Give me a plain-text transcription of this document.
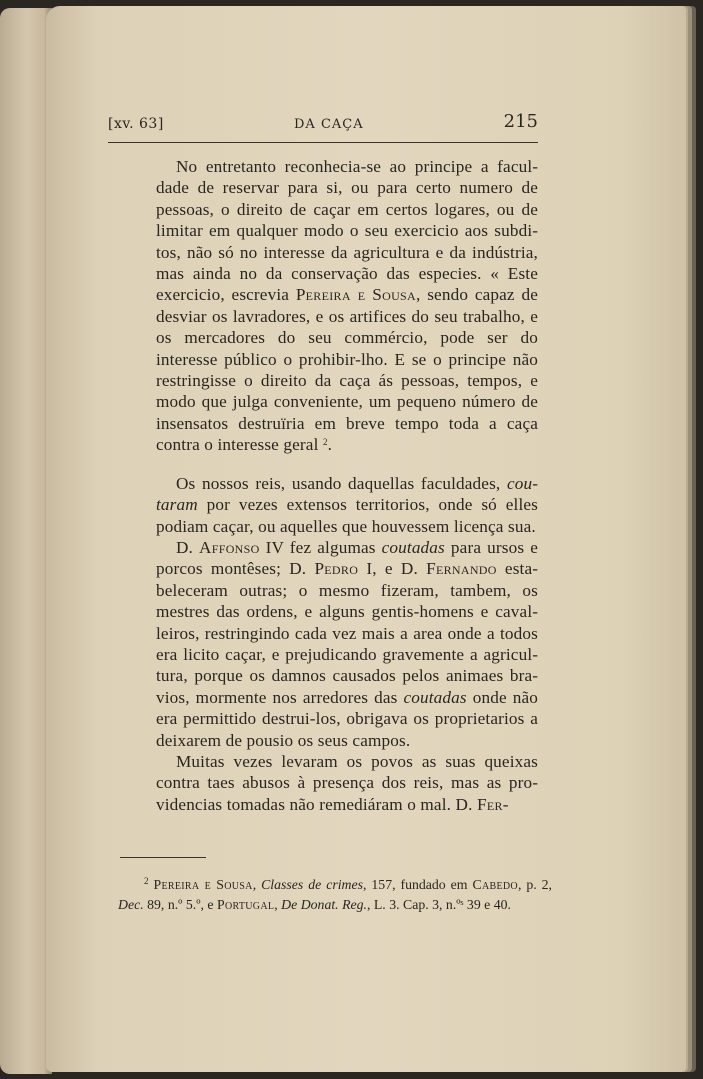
[xv. 63]	DA CAÇA	215

No entretanto reconhecia-se ao principe a faculdade de reservar para si, ou para certo numero de pessoas, o direito de caçar em certos logares, ou de limitar em qualquer modo o seu exercicio aos subditos, não só no interesse da agricultura e da indústria, mas ainda no da conservação das especies. « Este exercicio, escrevia Pereira e Sousa, sendo capaz de desviar os lavradores, e os artifices do seu trabalho, e os mercadores do seu commércio, pode ser do interesse público o prohibir-lho. E se o principe não restringisse o direito da caça ás pessoas, tempos, e modo que julga conveniente, um pequeno número de insensatos destruïria em breve tempo toda a caça contra o interesse geral $^2$.

Os nossos reis, usando daquellas faculdades, coutaram por vezes extensos territorios, onde só elles podiam caçar, ou aquelles que houvessem licença sua.

D. Affonso IV fez algumas coutadas para ursos e porcos montêses; D. Pedro I, e D. Fernando estabeleceram outras; o mesmo fizeram, tambem, os mestres das ordens, e alguns gentis-homens e cavalleiros, restringindo cada vez mais a area onde a todos era licito caçar, e prejudicando gravemente a agricultura, porque os damnos causados pelos animaes bravios, mormente nos arredores das coutadas onde não era permittido destrui-los, obrigava os proprietarios a deixarem de pousio os seus campos.

Muitas vezes levaram os povos as suas queixas contra taes abusos à presença dos reis, mas as providencias tomadas não remediáram o mal. D. Fer-

$^2$ Pereira e Sousa, Classes de crimes, 157, fundado em Cabedo, p. 2, Dec. 89, n.º 5.º, e Portugal, De Donat. Reg., L. 3. Cap. 3, n.ºˢ 39 e 40.
